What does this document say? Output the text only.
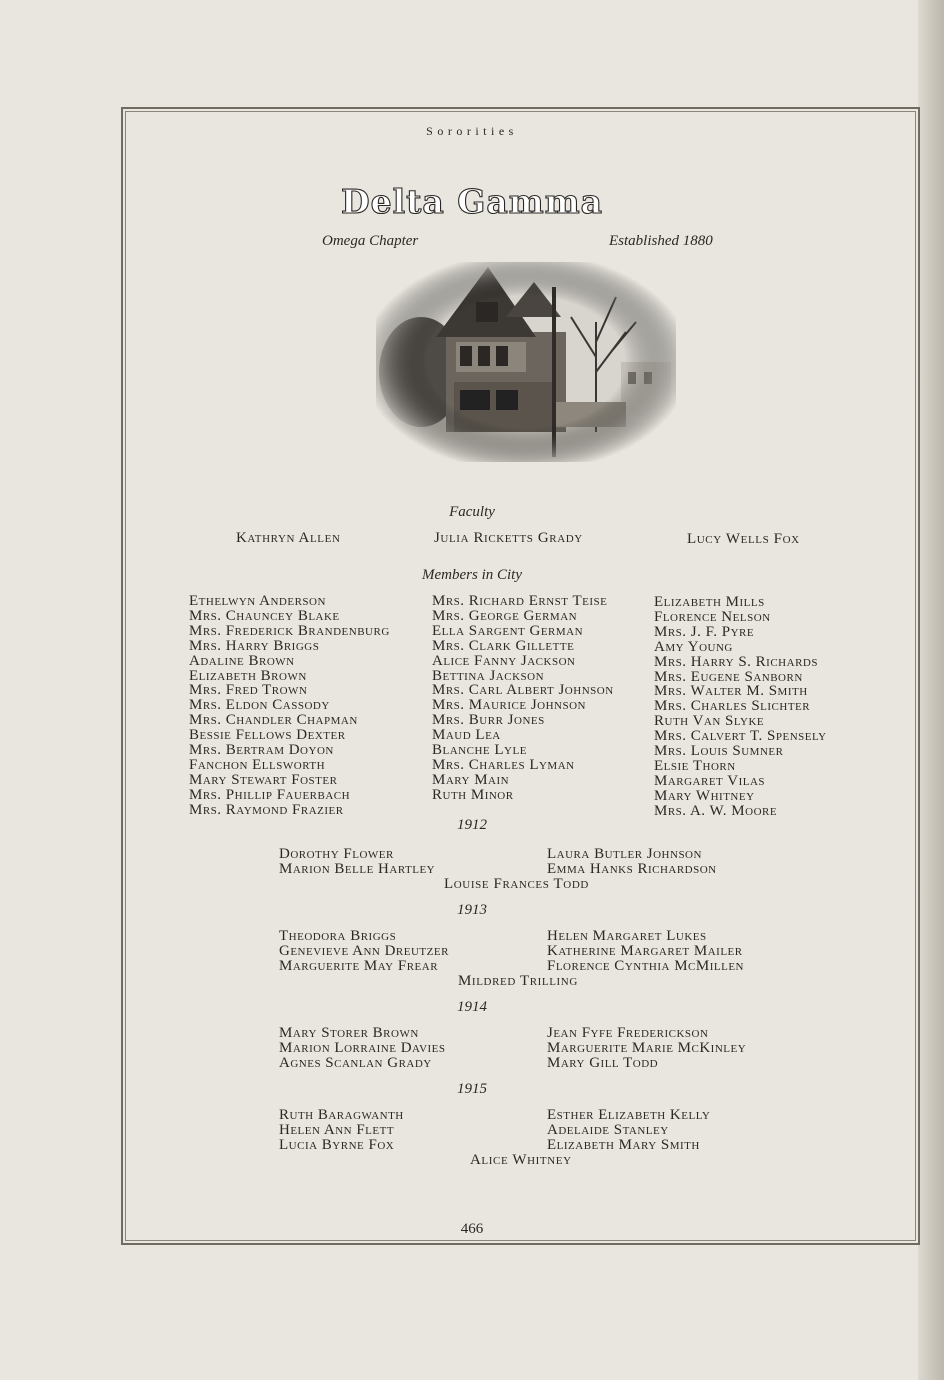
Sororities
Delta Gamma
Omega Chapter	Established 1880
Faculty
Kathryn Allen	Julia Ricketts Grady	Lucy Wells Fox
Members in City
Ethelwyn Anderson
Mrs. Chauncey Blake
Mrs. Frederick Brandenburg
Mrs. Harry Briggs
Adaline Brown
Elizabeth Brown
Mrs. Fred Trown
Mrs. Eldon Cassody
Mrs. Chandler Chapman
Bessie Fellows Dexter
Mrs. Bertram Doyon
Fanchon Ellsworth
Mary Stewart Foster
Mrs. Phillip Fauerbach
Mrs. Raymond Frazier
Mrs. Richard Ernst Teise
Mrs. George German
Ella Sargent German
Mrs. Clark Gillette
Alice Fanny Jackson
Bettina Jackson
Mrs. Carl Albert Johnson
Mrs. Maurice Johnson
Mrs. Burr Jones
Maud Lea
Blanche Lyle
Mrs. Charles Lyman
Mary Main
Ruth Minor
Elizabeth Mills
Florence Nelson
Mrs. J. F. Pyre
Amy Young
Mrs. Harry S. Richards
Mrs. Eugene Sanborn
Mrs. Walter M. Smith
Mrs. Charles Slichter
Ruth Van Slyke
Mrs. Calvert T. Spensely
Mrs. Louis Sumner
Elsie Thorn
Margaret Vilas
Mary Whitney
Mrs. A. W. Moore
1912
Dorothy Flower
Marion Belle Hartley
Laura Butler Johnson
Emma Hanks Richardson
Louise Frances Todd
1913
Theodora Briggs
Genevieve Ann Dreutzer
Marguerite May Frear
Helen Margaret Lukes
Katherine Margaret Mailer
Florence Cynthia McMillen
Mildred Trilling
1914
Mary Storer Brown
Marion Lorraine Davies
Agnes Scanlan Grady
Jean Fyfe Frederickson
Marguerite Marie McKinley
Mary Gill Todd
1915
Ruth Baragwanth
Helen Ann Flett
Lucia Byrne Fox
Esther Elizabeth Kelly
Adelaide Stanley
Elizabeth Mary Smith
Alice Whitney
466
